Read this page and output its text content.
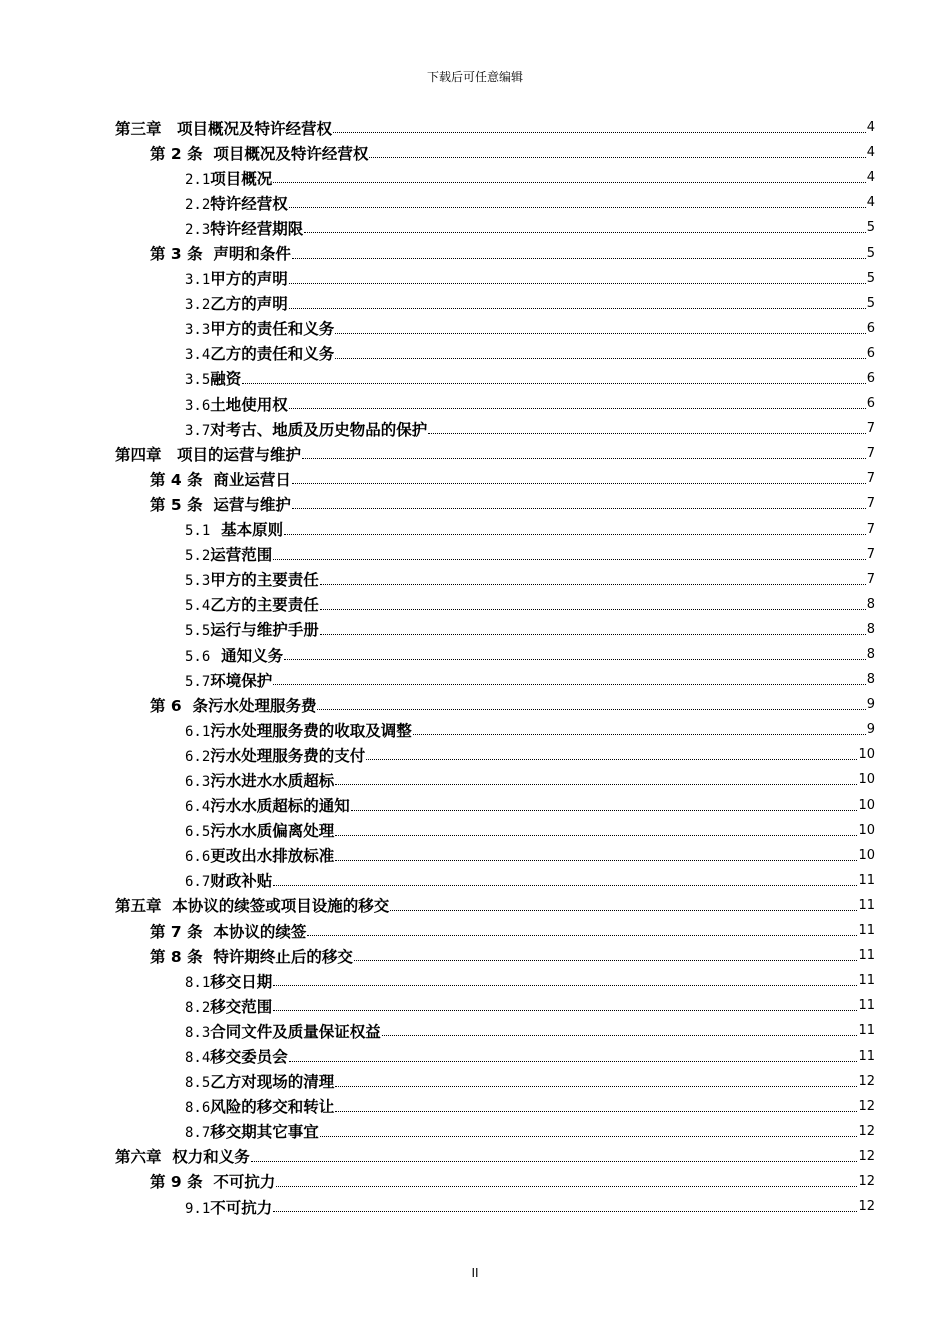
下载后可任意编辑
第三章　项目概况及特许经营权	4
第 2 条  项目概况及特许经营权	4
2.1项目概况	4
2.2特许经营权	4
2.3特许经营期限	5
第 3 条  声明和条件	5
3.1甲方的声明	5
3.2乙方的声明	5
3.3甲方的责任和义务	6
3.4乙方的责任和义务	6
3.5融资	6
3.6土地使用权	6
3.7对考古、地质及历史物品的保护	7
第四章　项目的运营与维护	7
第 4 条  商业运营日	7
第 5 条  运营与维护	7
5.1  基本原则	7
5.2运营范围	7
5.3甲方的主要责任	7
5.4乙方的主要责任	8
5.5运行与维护手册	8
5.6  通知义务	8
5.7环境保护	8
第 6  条污水处理服务费	9
6.1污水处理服务费的收取及调整	9
6.2污水处理服务费的支付	10
6.3污水进水水质超标	10
6.4污水水质超标的通知	10
6.5污水水质偏离处理	10
6.6更改出水排放标准	10
6.7财政补贴	11
第五章  本协议的续签或项目设施的移交	11
第 7 条  本协议的续签	11
第 8 条  特许期终止后的移交	11
8.1移交日期	11
8.2移交范围	11
8.3合同文件及质量保证权益	11
8.4移交委员会	11
8.5乙方对现场的清理	12
8.6风险的移交和转让	12
8.7移交期其它事宜	12
第六章  权力和义务	12
第 9 条  不可抗力	12
9.1不可抗力	12
II
